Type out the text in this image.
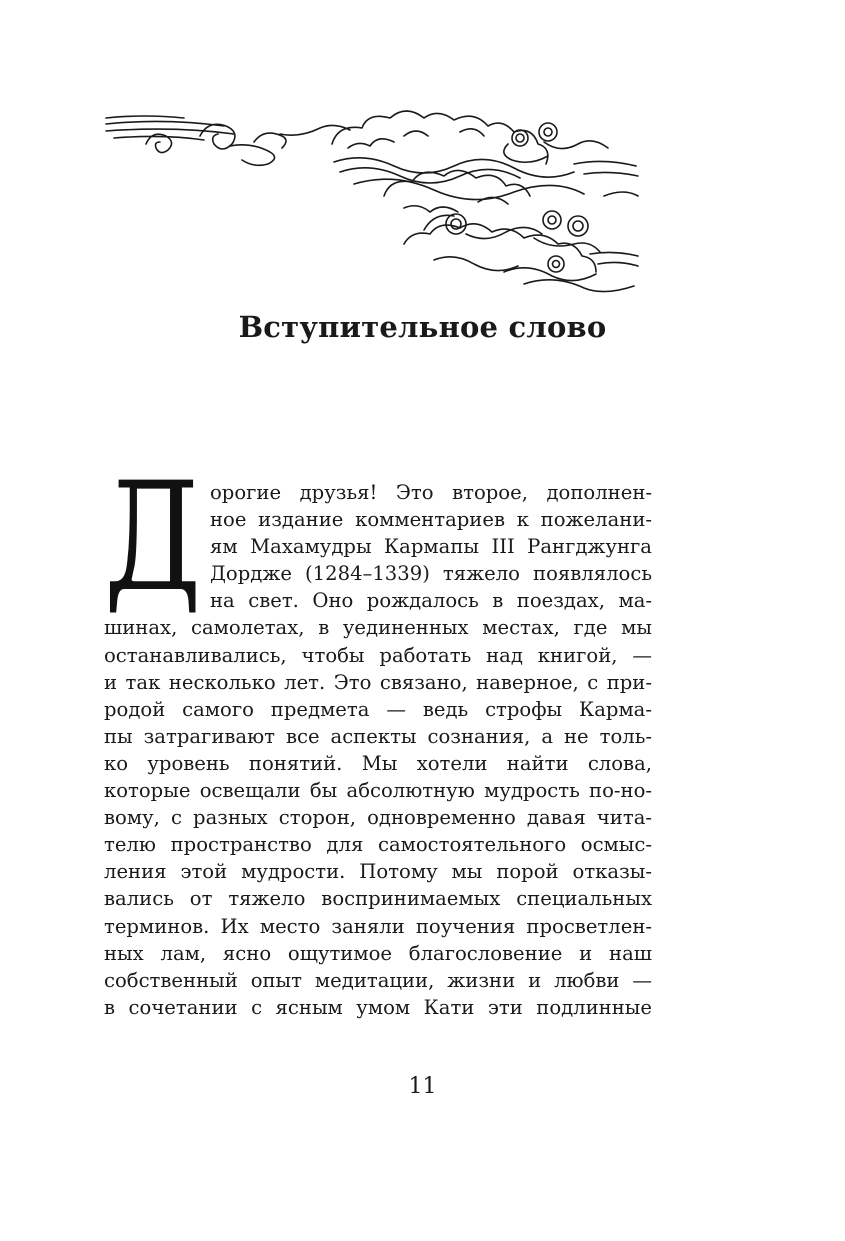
Вступительное слово
Д орогие друзья! Это второе, дополнен-
ное издание комментариев к пожелани-
ям Махамудры Кармапы III Рангджунга
Дордже (1284–1339) тяжело появлялось
на свет. Оно рождалось в поездах, ма-
шинах, самолетах, в уединенных местах, где мы
останавливались, чтобы работать над книгой, —
и так несколько лет. Это связано, наверное, с при-
родой самого предмета — ведь строфы Карма-
пы затрагивают все аспекты сознания, а не толь-
ко уровень понятий. Мы хотели найти слова,
которые освещали бы абсолютную мудрость по-но-
вому, с разных сторон, одновременно давая чита-
телю пространство для самостоятельного осмыс-
ления этой мудрости. Потому мы порой отказы-
вались от тяжело воспринимаемых специальных
терминов. Их место заняли поучения просветлен-
ных лам, ясно ощутимое благословение и наш
собственный опыт медитации, жизни и любви —
в сочетании с ясным умом Кати эти подлинные

11
